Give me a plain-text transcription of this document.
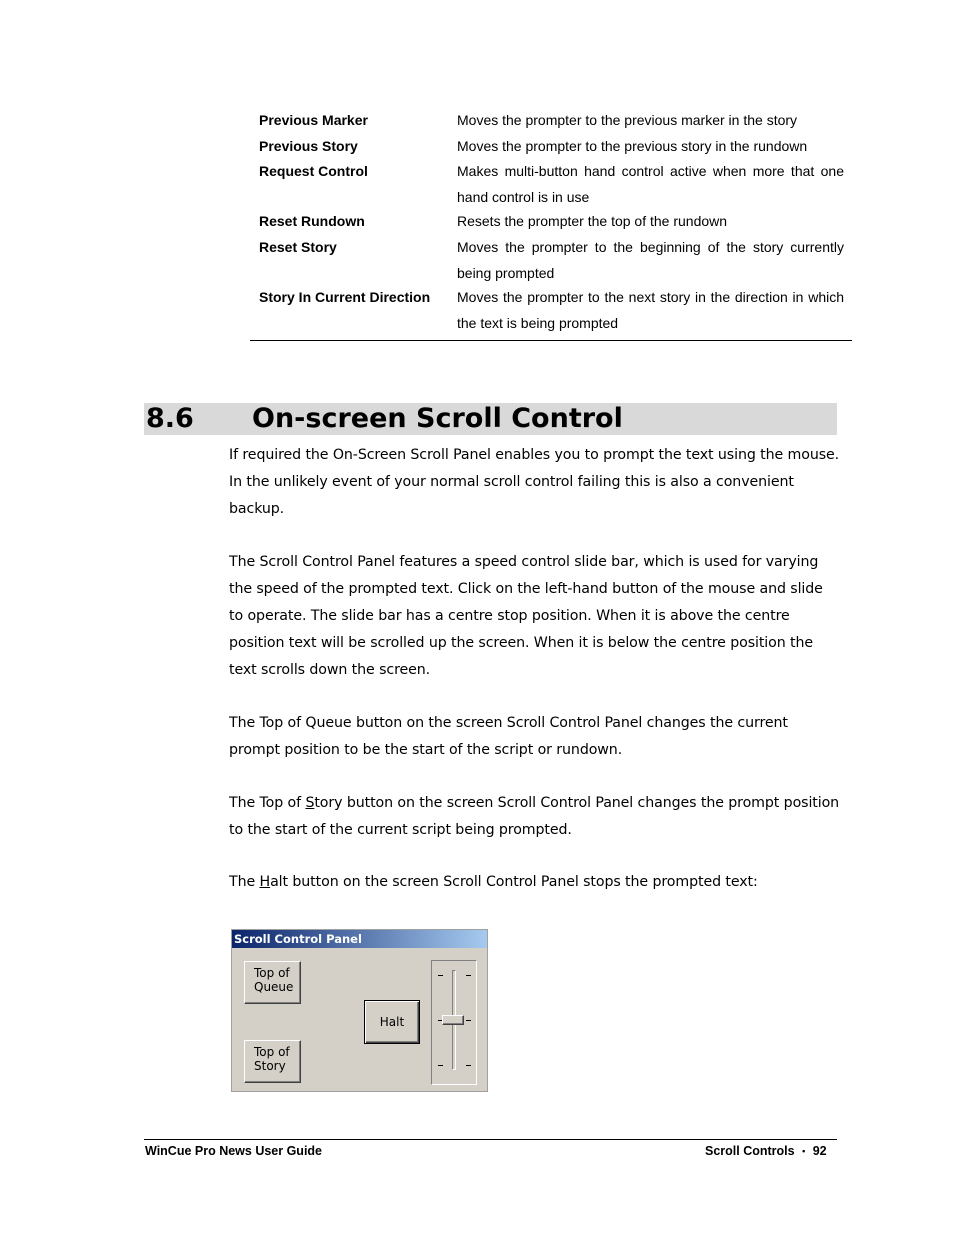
Previous Marker	Moves the prompter to the previous marker in the story
Previous Story	Moves the prompter to the previous story in the rundown
Request Control	Makes multi-button hand control active when more that one hand control is in use
Reset Rundown	Resets the prompter the top of the rundown
Reset Story	Moves the prompter to the beginning of the story currently being prompted
Story In Current Direction	Moves the prompter to the next story in the direction in which the text is being prompted
8.6 On-screen Scroll Control
If required the On-Screen Scroll Panel enables you to prompt the text using the mouse. In the unlikely event of your normal scroll control failing this is also a convenient backup.
The Scroll Control Panel features a speed control slide bar, which is used for varying the speed of the prompted text. Click on the left-hand button of the mouse and slide to operate. The slide bar has a centre stop position. When it is above the centre position text will be scrolled up the screen. When it is below the centre position the text scrolls down the screen.
The Top of Queue button on the screen Scroll Control Panel changes the current prompt position to be the start of the script or rundown.
The Top of Story button on the screen Scroll Control Panel changes the prompt position to the start of the current script being prompted.
The Halt button on the screen Scroll Control Panel stops the prompted text:
Scroll Control Panel
Top of
Queue
Top of
Story
Halt
WinCue Pro News User Guide	Scroll Controls • 92
